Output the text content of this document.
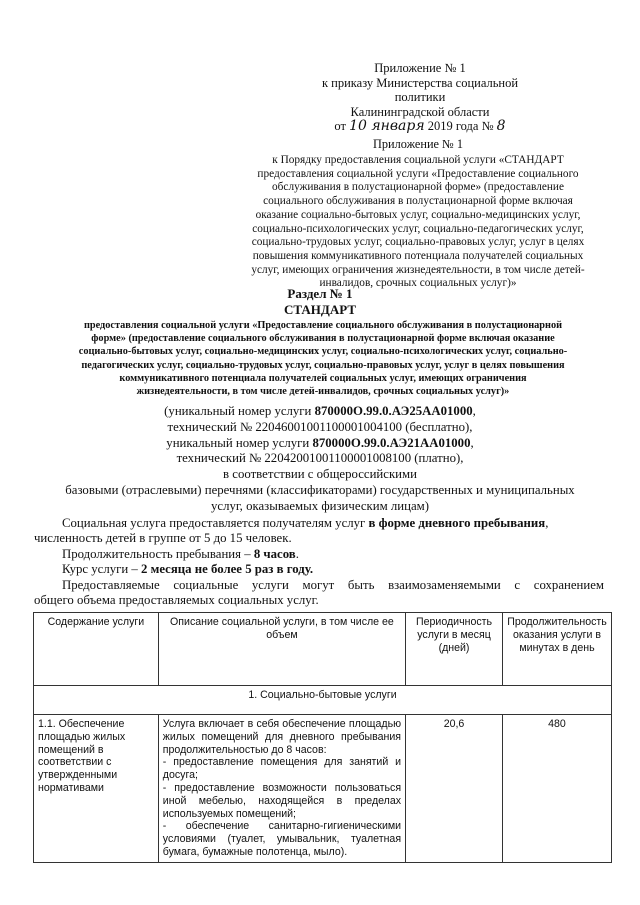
Приложение № 1
к приказу Министерства социальной политики
Калининградской области
от 10 января 2019 года № 8
Приложение № 1
к Порядку предоставления социальной услуги «СТАНДАРТ
предоставления социальной услуги «Предоставление социального
обслуживания в полустационарной форме» (предоставление
социального обслуживания в полустационарной форме включая
оказание социально-бытовых услуг, социально-медицинских услуг,
социально-психологических услуг, социально-педагогических услуг,
социально-трудовых услуг, социально-правовых услуг, услуг в целях
повышения коммуникативного потенциала получателей социальных
услуг, имеющих ограничения жизнедеятельности, в том числе детей-
инвалидов, срочных социальных услуг)»
Раздел № 1
СТАНДАРТ
предоставления социальной услуги «Предоставление социального обслуживания в полустационарной
форме» (предоставление социального обслуживания в полустационарной форме включая оказание
социально-бытовых услуг, социально-медицинских услуг, социально-психологических услуг, социально-
педагогических услуг, социально-трудовых услуг, социально-правовых услуг, услуг в целях повышения
коммуникативного потенциала получателей социальных услуг, имеющих ограничения
жизнедеятельности, в том числе детей-инвалидов, срочных социальных услуг)»
(уникальный номер услуги 870000О.99.0.АЭ25АА01000,
технический № 220460010011000010041​00 (бесплатно),
уникальный номер услуги 870000О.99.0.АЭ21АА01000,
технический № 220420010011000010081​00 (платно),
в соответствии с общероссийскими
базовыми (отраслевыми) перечнями (классификаторами) государственных и муниципальных
услуг, оказываемых физическим лицам)
Социальная услуга предоставляется получателям услуг в форме дневного пребывания,
численность детей в группе от 5 до 15 человек.
Продолжительность пребывания – 8 часов.
Курс услуги – 2 месяца не более 5 раз в году.
Предоставляемые социальные услуги могут быть взаимозаменяемыми с сохранением
общего объема предоставляемых социальных услуг.
Содержание услуги	Описание социальной услуги, в том числе ее объем	Периодичность услуги в месяц (дней)	Продолжительность оказания услуги в минутах в день
1. Социально-бытовые услуги			
1.1. Обеспечение площадью жилых помещений в соответствии с утвержденными нормативами	Услуга включает в себя обеспечение площадью жилых помещений для дневного пребывания продолжительностью до 8 часов:
- предоставление помещения для занятий и досуга;
- предоставление возможности пользоваться иной мебелью, находящейся в пределах используемых помещений;
- обеспечение санитарно-гигиеническими условиями (туалет, умывальник, туалетная бумага, бумажные полотенца, мыло).	20,6	480
